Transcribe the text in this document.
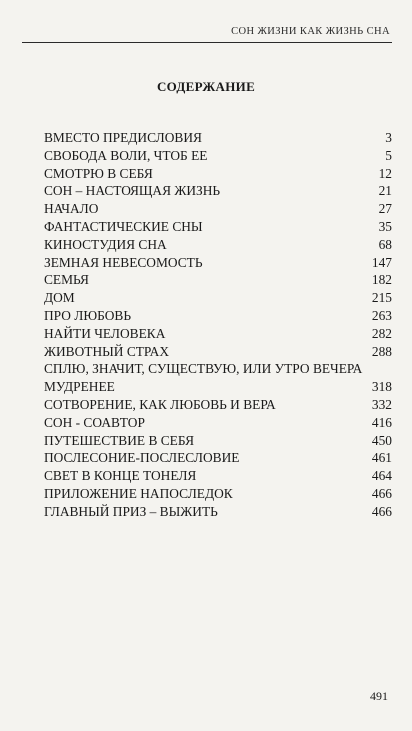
СОН ЖИЗНИ КАК ЖИЗНЬ СНА
СОДЕРЖАНИЕ
ВМЕСТО ПРЕДИСЛОВИЯ	3
СВОБОДА ВОЛИ, ЧТОБ ЕЕ	5
СМОТРЮ В СЕБЯ	12
СОН – НАСТОЯЩАЯ ЖИЗНЬ	21
НАЧАЛО	27
ФАНТАСТИЧЕСКИЕ СНЫ	35
КИНОСТУДИЯ СНА	68
ЗЕМНАЯ НЕВЕСОМОСТЬ	147
СЕМЬЯ	182
ДОМ	215
ПРО ЛЮБОВЬ	263
НАЙТИ ЧЕЛОВЕКА	282
ЖИВОТНЫЙ СТРАХ	288
СПЛЮ, ЗНАЧИТ, СУЩЕСТВУЮ, ИЛИ УТРО ВЕЧЕРА
МУДРЕНЕЕ	318
СОТВОРЕНИЕ, КАК ЛЮБОВЬ И ВЕРА	332
СОН - СОАВТОР	416
ПУТЕШЕСТВИЕ В СЕБЯ	450
ПОСЛЕСОНИЕ-ПОСЛЕСЛОВИЕ	461
СВЕТ В КОНЦЕ ТОНЕЛЯ	464
ПРИЛОЖЕНИЕ НАПОСЛЕДОК	466
ГЛАВНЫЙ ПРИЗ – ВЫЖИТЬ	466
491
